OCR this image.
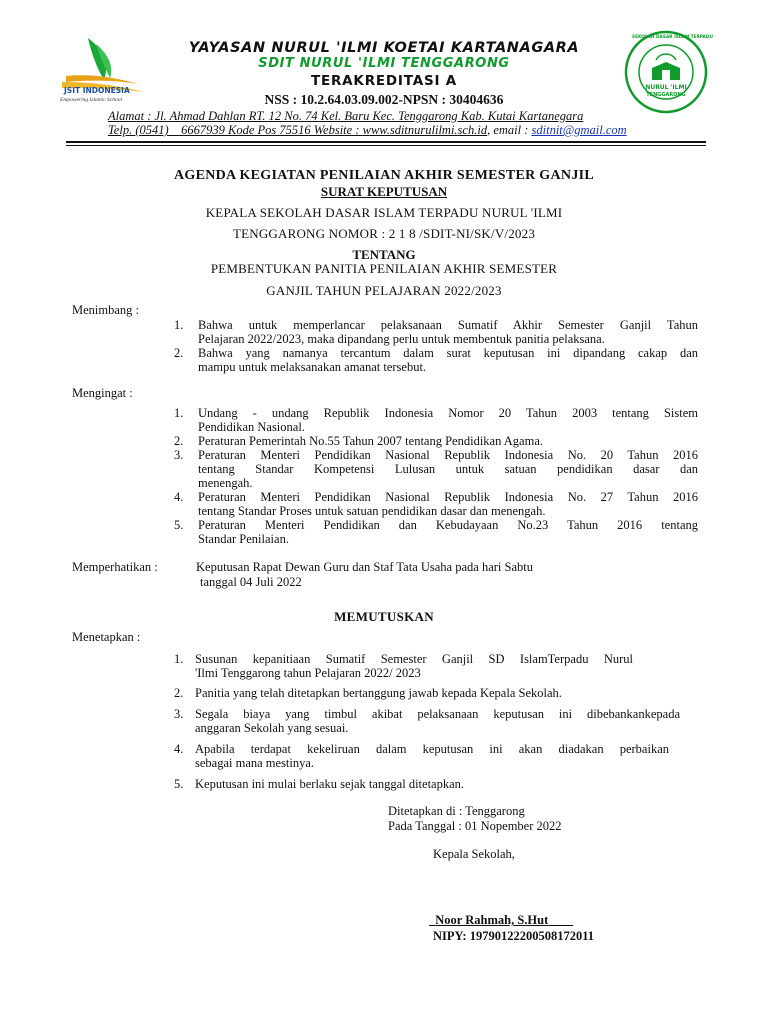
JSIT INDONESIA
Empowering Islamic School
SEKOLAH DASAR ISLAM TERPADU
NURUL 'ILMI
TENGGARONG
YAYASAN NURUL 'ILMI KOETAI KARTANAGARA
SDIT NURUL 'ILMI TENGGARONG
TERAKREDITASI A
NSS : 10.2.64.03.09.002-NPSN : 30404636
Alamat : Jl. Ahmad Dahlan RT. 12 No. 74 Kel. Baru Kec. Tenggarong Kab. Kutai Kartanegara
Telp. (0541)    6667939 Kode Pos 75516 Website : www.sditnurulilmi.sch.id, email : sditnit@gmail.com
AGENDA KEGIATAN PENILAIAN AKHIR SEMESTER GANJIL
SURAT KEPUTUSAN
KEPALA SEKOLAH DASAR ISLAM TERPADU NURUL 'ILMI
TENGGARONG NOMOR : 2 1 8 /SDIT-NI/SK/V/2023
TENTANG
PEMBENTUKAN PANITIA PENILAIAN AKHIR SEMESTER
GANJIL TAHUN PELAJARAN 2022/2023
Menimbang :
1. Bahwa untuk memperlancar pelaksanaan Sumatif Akhir Semester Ganjil Tahun
Pelajaran 2022/2023, maka dipandang perlu untuk membentuk panitia pelaksana.
2. Bahwa yang namanya tercantum dalam surat keputusan ini dipandang cakap dan
mampu untuk melaksanakan amanat tersebut.
Mengingat :
1. Undang - undang Republik Indonesia Nomor 20 Tahun 2003 tentang Sistem
Pendidikan Nasional.
2. Peraturan Pemerintah No.55 Tahun 2007 tentang Pendidikan Agama.
3. Peraturan Menteri Pendidikan Nasional Republik Indonesia No. 20 Tahun 2016
tentang Standar Kompetensi Lulusan untuk satuan pendidikan dasar dan
menengah.
4. Peraturan Menteri Pendidikan Nasional Republik Indonesia No. 27 Tahun 2016
tentang Standar Proses untuk satuan pendidikan dasar dan menengah.
5. Peraturan Menteri Pendidikan dan Kebudayaan No.23 Tahun 2016 tentang
Standar Penilaian.
Memperhatikan :	Keputusan Rapat Dewan Guru dan Staf Tata Usaha pada hari Sabtu
tanggal 04 Juli 2022
MEMUTUSKAN
Menetapkan :
1. Susunan kepanitiaan Sumatif Semester Ganjil SD IslamTerpadu Nurul
'Ilmi Tenggarong tahun Pelajaran 2022/ 2023
2. Panitia yang telah ditetapkan bertanggung jawab kepada Kepala Sekolah.
3. Segala biaya yang timbul akibat pelaksanaan keputusan ini dibebankankepada
anggaran Sekolah yang sesuai.
4. Apabila terdapat kekeliruan dalam keputusan ini akan diadakan perbaikan
sebagai mana mestinya.
5. Keputusan ini mulai berlaku sejak tanggal ditetapkan.
Ditetapkan di : Tenggarong
Pada Tanggal : 01 Nopember 2022
Kepala Sekolah,
Noor Rahmah, S.Hut
NIPY: 19790122200508172011
